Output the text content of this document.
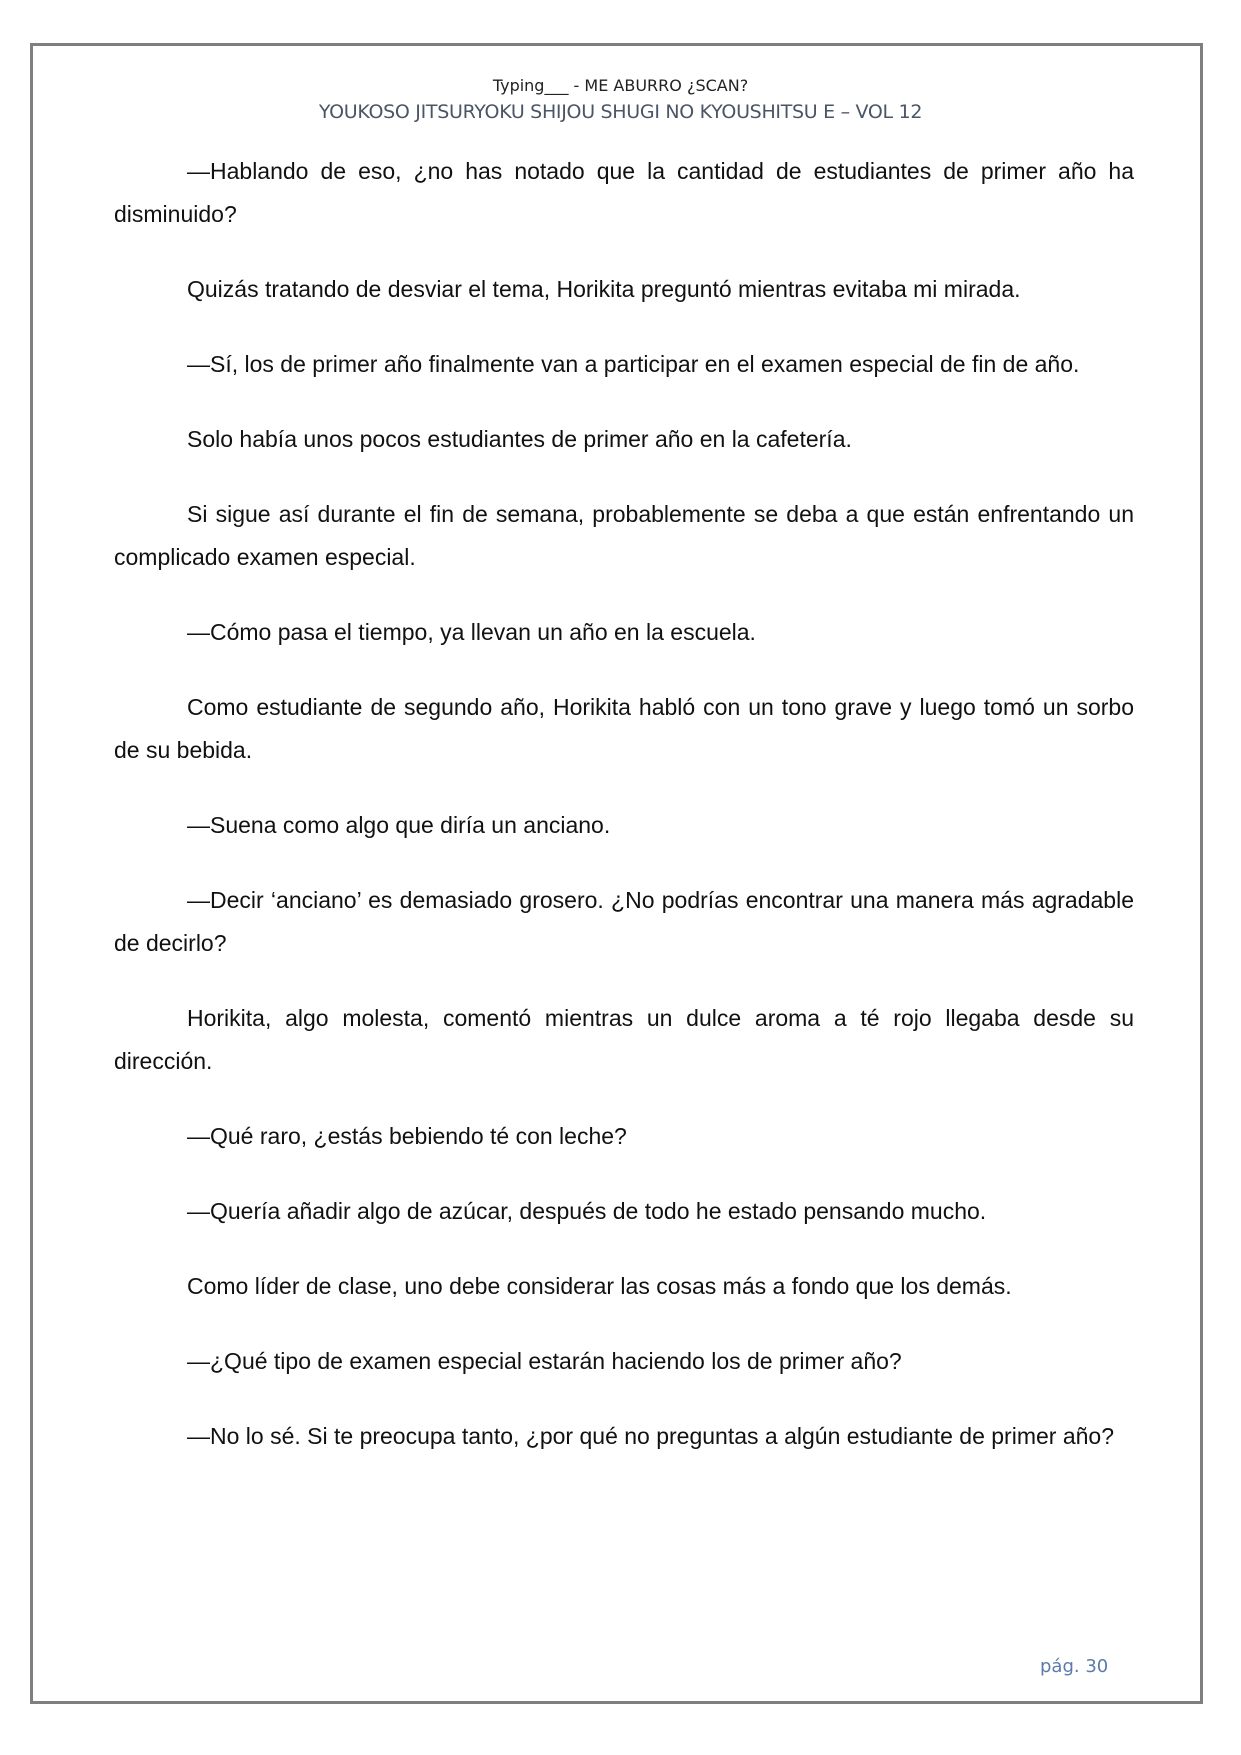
Typing___ - ME ABURRO ¿SCAN?
YOUKOSO JITSURYOKU SHIJOU SHUGI NO KYOUSHITSU E – VOL 12

—Hablando de eso, ¿no has notado que la cantidad de estudiantes de primer año ha disminuido?

Quizás tratando de desviar el tema, Horikita preguntó mientras evitaba mi mirada.

—Sí, los de primer año finalmente van a participar en el examen especial de fin de año.

Solo había unos pocos estudiantes de primer año en la cafetería.

Si sigue así durante el fin de semana, probablemente se deba a que están enfrentando un complicado examen especial.

—Cómo pasa el tiempo, ya llevan un año en la escuela.

Como estudiante de segundo año, Horikita habló con un tono grave y luego tomó un sorbo de su bebida.

—Suena como algo que diría un anciano.

—Decir ‘anciano’ es demasiado grosero. ¿No podrías encontrar una manera más agradable de decirlo?

Horikita, algo molesta, comentó mientras un dulce aroma a té rojo llegaba desde su dirección.

—Qué raro, ¿estás bebiendo té con leche?

—Quería añadir algo de azúcar, después de todo he estado pensando mucho.

Como líder de clase, uno debe considerar las cosas más a fondo que los demás.

—¿Qué tipo de examen especial estarán haciendo los de primer año?

—No lo sé. Si te preocupa tanto, ¿por qué no preguntas a algún estudiante de primer año?

pág. 30
